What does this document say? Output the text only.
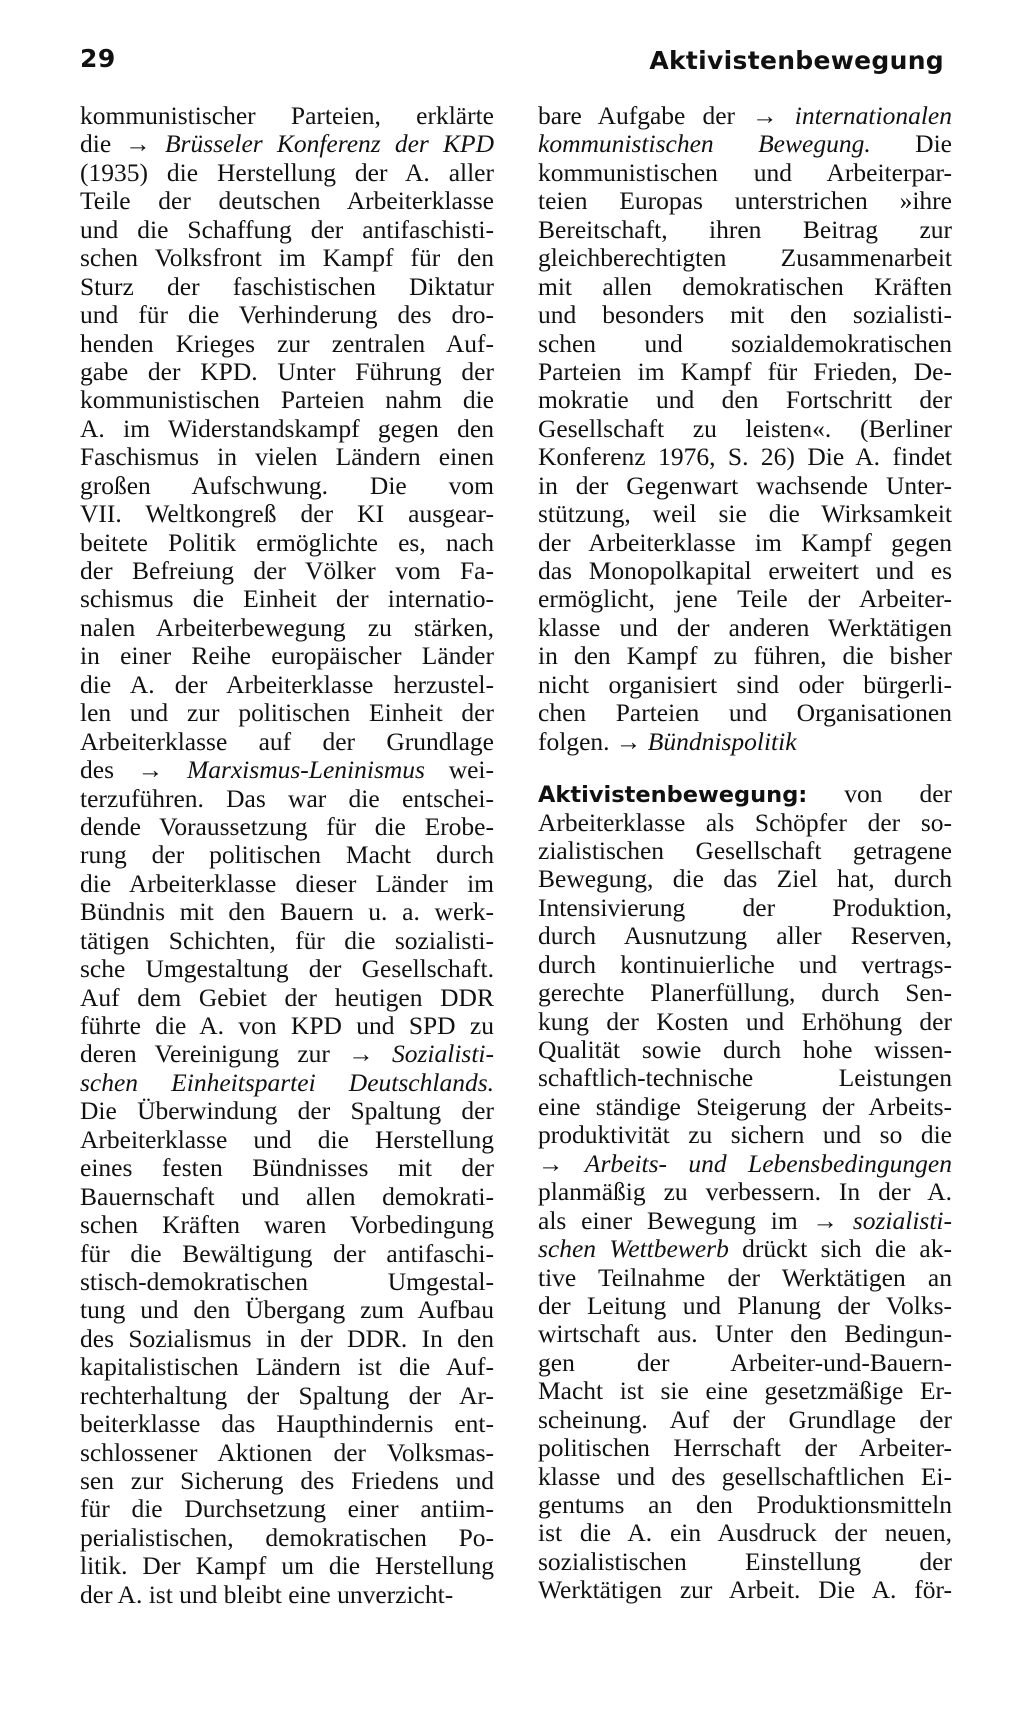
29	Aktivistenbewegung
kommunistischer Parteien, erklärte
die → Brüsseler Konferenz der KPD
(1935) die Herstellung der A. aller
Teile der deutschen Arbeiterklasse
und die Schaffung der antifaschisti-
schen Volksfront im Kampf für den
Sturz der faschistischen Diktatur
und für die Verhinderung des dro-
henden Krieges zur zentralen Auf-
gabe der KPD. Unter Führung der
kommunistischen Parteien nahm die
A. im Widerstandskampf gegen den
Faschismus in vielen Ländern einen
großen Aufschwung. Die vom
VII. Weltkongreß der KI ausgear-
beitete Politik ermöglichte es, nach
der Befreiung der Völker vom Fa-
schismus die Einheit der internatio-
nalen Arbeiterbewegung zu stärken,
in einer Reihe europäischer Länder
die A. der Arbeiterklasse herzustel-
len und zur politischen Einheit der
Arbeiterklasse auf der Grundlage
des → Marxismus-Leninismus wei-
terzuführen. Das war die entschei-
dende Voraussetzung für die Erobe-
rung der politischen Macht durch
die Arbeiterklasse dieser Länder im
Bündnis mit den Bauern u. a. werk-
tätigen Schichten, für die sozialisti-
sche Umgestaltung der Gesellschaft.
Auf dem Gebiet der heutigen DDR
führte die A. von KPD und SPD zu
deren Vereinigung zur → Sozialisti-
schen Einheitspartei Deutschlands.
Die Überwindung der Spaltung der
Arbeiterklasse und die Herstellung
eines festen Bündnisses mit der
Bauernschaft und allen demokrati-
schen Kräften waren Vorbedingung
für die Bewältigung der antifaschi-
stisch-demokratischen Umgestal-
tung und den Übergang zum Aufbau
des Sozialismus in der DDR. In den
kapitalistischen Ländern ist die Auf-
rechterhaltung der Spaltung der Ar-
beiterklasse das Haupthindernis ent-
schlossener Aktionen der Volksmas-
sen zur Sicherung des Friedens und
für die Durchsetzung einer antiim-
perialistischen, demokratischen Po-
litik. Der Kampf um die Herstellung
der A. ist und bleibt eine unverzicht-
bare Aufgabe der → internationalen
kommunistischen Bewegung. Die
kommunistischen und Arbeiterpar-
teien Europas unterstrichen »ihre
Bereitschaft, ihren Beitrag zur
gleichberechtigten Zusammenarbeit
mit allen demokratischen Kräften
und besonders mit den sozialisti-
schen und sozialdemokratischen
Parteien im Kampf für Frieden, De-
mokratie und den Fortschritt der
Gesellschaft zu leisten«. (Berliner
Konferenz 1976, S. 26) Die A. findet
in der Gegenwart wachsende Unter-
stützung, weil sie die Wirksamkeit
der Arbeiterklasse im Kampf gegen
das Monopolkapital erweitert und es
ermöglicht, jene Teile der Arbeiter-
klasse und der anderen Werktätigen
in den Kampf zu führen, die bisher
nicht organisiert sind oder bürgerli-
chen Parteien und Organisationen
folgen. → Bündnispolitik
Aktivistenbewegung: von der
Arbeiterklasse als Schöpfer der so-
zialistischen Gesellschaft getragene
Bewegung, die das Ziel hat, durch
Intensivierung der Produktion,
durch Ausnutzung aller Reserven,
durch kontinuierliche und vertrags-
gerechte Planerfüllung, durch Sen-
kung der Kosten und Erhöhung der
Qualität sowie durch hohe wissen-
schaftlich-technische Leistungen
eine ständige Steigerung der Arbeits-
produktivität zu sichern und so die
→ Arbeits- und Lebensbedingungen
planmäßig zu verbessern. In der A.
als einer Bewegung im → sozialisti-
schen Wettbewerb drückt sich die ak-
tive Teilnahme der Werktätigen an
der Leitung und Planung der Volks-
wirtschaft aus. Unter den Bedingun-
gen der Arbeiter-und-Bauern-
Macht ist sie eine gesetzmäßige Er-
scheinung. Auf der Grundlage der
politischen Herrschaft der Arbeiter-
klasse und des gesellschaftlichen Ei-
gentums an den Produktionsmitteln
ist die A. ein Ausdruck der neuen,
sozialistischen Einstellung der
Werktätigen zur Arbeit. Die A. för-
